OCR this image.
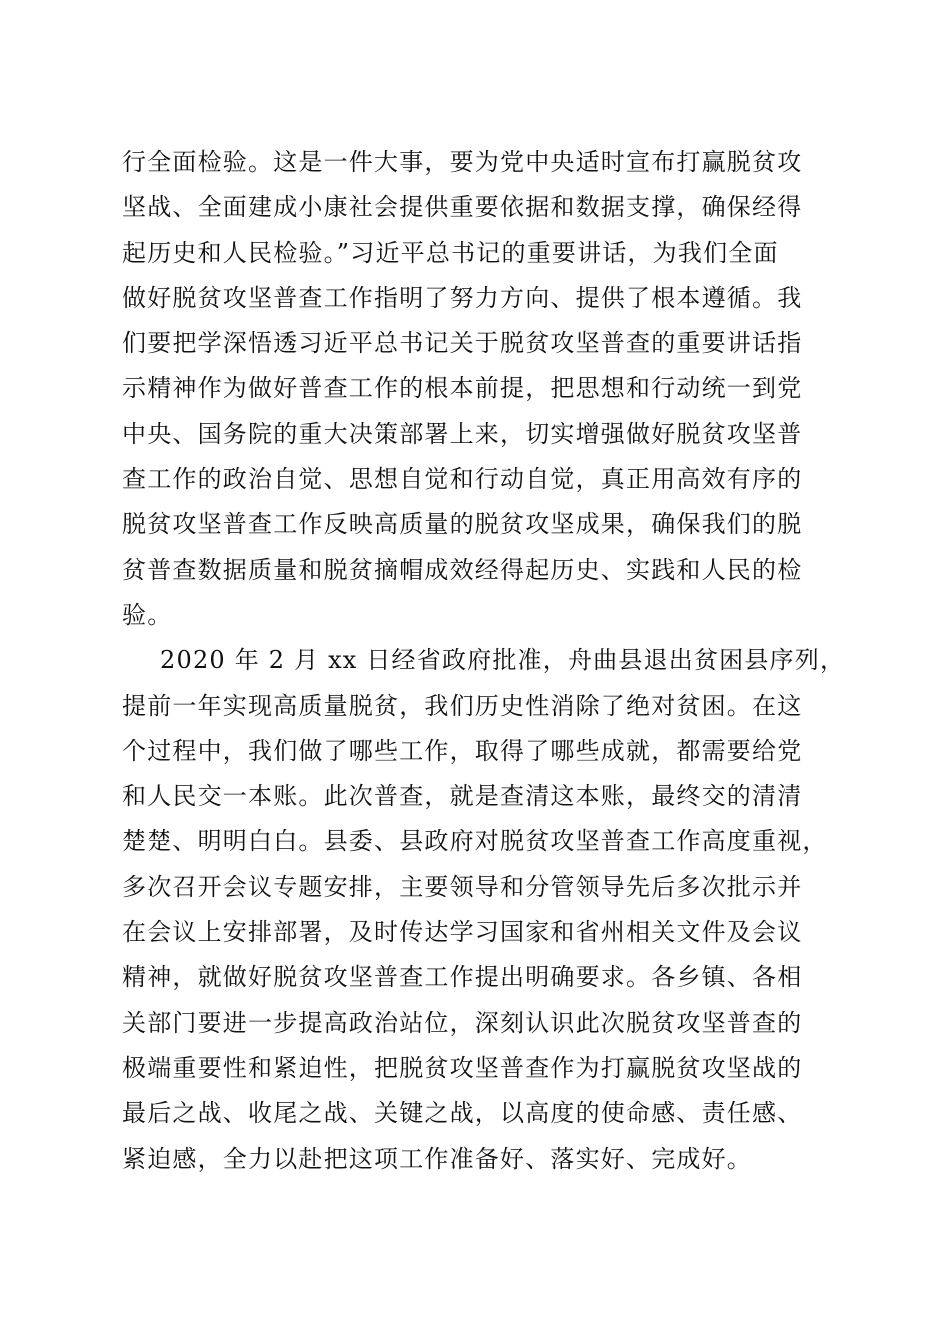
行全面检验。这是一件大事，要为党中央适时宣布打赢脱贫攻
坚战、全面建成小康社会提供重要依据和数据支撑，确保经得
起历史和人民检验。”习近平总书记的重要讲话，为我们全面
做好脱贫攻坚普查工作指明了努力方向、提供了根本遵循。我
们要把学深悟透习近平总书记关于脱贫攻坚普查的重要讲话指
示精神作为做好普查工作的根本前提，把思想和行动统一到党
中央、国务院的重大决策部署上来，切实增强做好脱贫攻坚普
查工作的政治自觉、思想自觉和行动自觉，真正用高效有序的
脱贫攻坚普查工作反映高质量的脱贫攻坚成果，确保我们的脱
贫普查数据质量和脱贫摘帽成效经得起历史、实践和人民的检
验。
2020 年 2 月 xx 日经省政府批准，舟曲县退出贫困县序列，
提前一年实现高质量脱贫，我们历史性消除了绝对贫困。在这
个过程中，我们做了哪些工作，取得了哪些成就，都需要给党
和人民交一本账。此次普查，就是查清这本账，最终交的清清
楚楚、明明白白。县委、县政府对脱贫攻坚普查工作高度重视，
多次召开会议专题安排，主要领导和分管领导先后多次批示并
在会议上安排部署，及时传达学习国家和省州相关文件及会议
精神，就做好脱贫攻坚普查工作提出明确要求。各乡镇、各相
关部门要进一步提高政治站位，深刻认识此次脱贫攻坚普查的
极端重要性和紧迫性，把脱贫攻坚普查作为打赢脱贫攻坚战的
最后之战、收尾之战、关键之战，以高度的使命感、责任感、
紧迫感，全力以赴把这项工作准备好、落实好、完成好。
